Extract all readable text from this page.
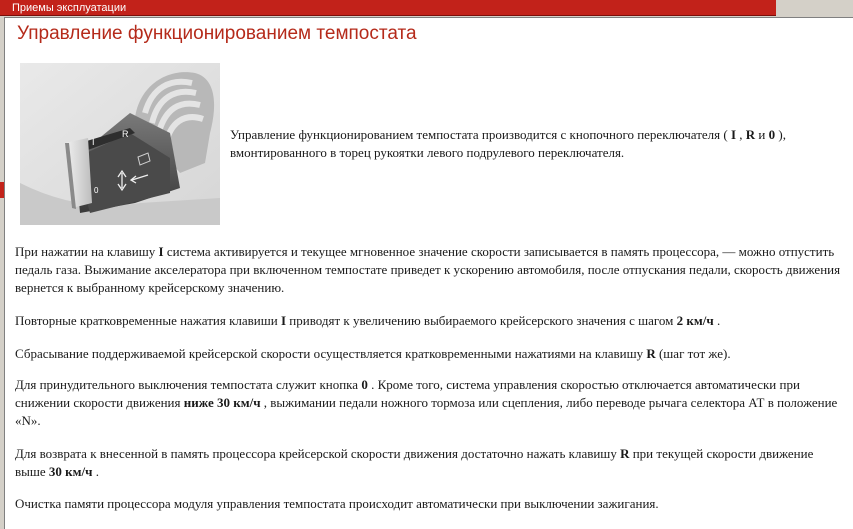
Приемы эксплуатации
Управление функционированием темпостата
I
R
0
Управление функционированием темпостата производится с кнопочного переключателя ( I , R и 0 ), вмонтированного в торец рукоятки левого подрулевого переключателя.
При нажатии на клавишу I система активируется и текущее мгновенное значение скорости записывается в память процессора, — можно отпустить педаль газа. Выжимание акселератора при включенном темпостате приведет к ускорению автомобиля, после отпускания педали, скорость движения вернется к выбранному крейсерскому значению.
Повторные кратковременные нажатия клавиши I приводят к увеличению выбираемого крейсерского значения с шагом 2 км/ч .
Сбрасывание поддерживаемой крейсерской скорости осуществляется кратковременными нажатиями на клавишу R (шаг тот же).
Для принудительного выключения темпостата служит кнопка 0 . Кроме того, система управления скоростью отключается автоматически при снижении скорости движения ниже 30 км/ч , выжимании педали ножного тормоза или сцепления, либо переводе рычага селектора АТ в положение «N».
Для возврата к внесенной в память процессора крейсерской скорости движения достаточно нажать клавишу R при текущей скорости движение выше 30 км/ч .
Очистка памяти процессора модуля управления темпостата происходит автоматически при выключении зажигания.
